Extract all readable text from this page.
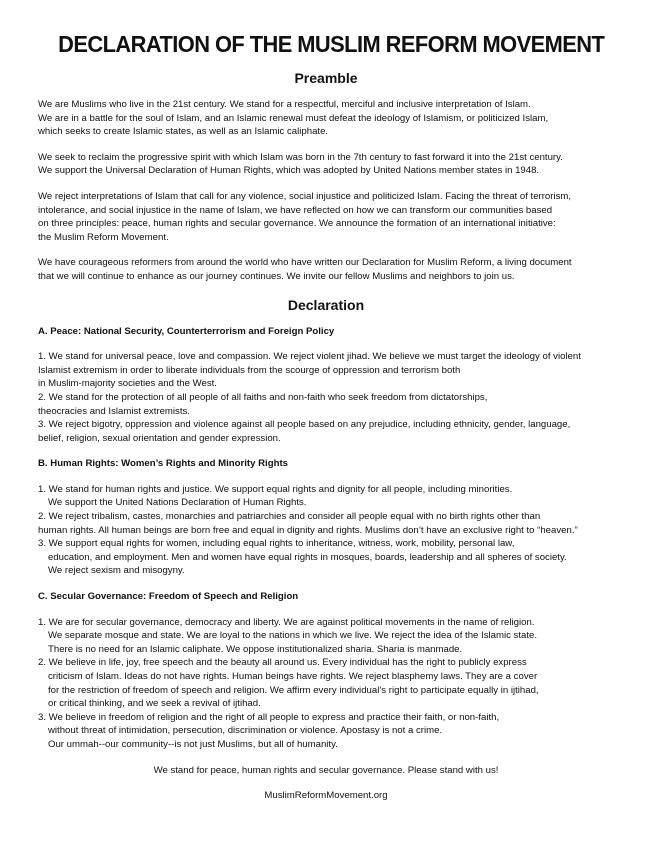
DECLARATION OF THE MUSLIM REFORM MOVEMENT
Preamble
We are Muslims who live in the 21st century. We stand for a respectful, merciful and inclusive interpretation of Islam.
We are in a battle for the soul of Islam, and an Islamic renewal must defeat the ideology of Islamism, or politicized Islam,
which seeks to create Islamic states, as well as an Islamic caliphate.
We seek to reclaim the progressive spirit with which Islam was born in the 7th century to fast forward it into the 21st century.
We support the Universal Declaration of Human Rights, which was adopted by United Nations member states in 1948.
We reject interpretations of Islam that call for any violence, social injustice and politicized Islam. Facing the threat of terrorism,
intolerance, and social injustice in the name of Islam, we have reflected on how we can transform our communities based
on three principles: peace, human rights and secular governance. We announce the formation of an international initiative:
the Muslim Reform Movement.
We have courageous reformers from around the world who have written our Declaration for Muslim Reform, a living document
that we will continue to enhance as our journey continues. We invite our fellow Muslims and neighbors to join us.
Declaration
A. Peace: National Security, Counterterrorism and Foreign Policy
1. We stand for universal peace, love and compassion. We reject violent jihad. We believe we must target the ideology of violent
Islamist extremism in order to liberate individuals from the scourge of oppression and terrorism both
in Muslim-majority societies and the West.
2. We stand for the protection of all people of all faiths and non-faith who seek freedom from dictatorships,
theocracies and Islamist extremists.
3. We reject bigotry, oppression and violence against all people based on any prejudice, including ethnicity, gender, language,
belief, religion, sexual orientation and gender expression.
B. Human Rights: Women’s Rights and Minority Rights
1. We stand for human rights and justice. We support equal rights and dignity for all people, including minorities.
We support the United Nations Declaration of Human Rights.
2. We reject tribalism, castes, monarchies and patriarchies and consider all people equal with no birth rights other than
human rights. All human beings are born free and equal in dignity and rights. Muslims don’t have an exclusive right to “heaven.”
3. We support equal rights for women, including equal rights to inheritance, witness, work, mobility, personal law,
education, and employment. Men and women have equal rights in mosques, boards, leadership and all spheres of society.
We reject sexism and misogyny.
C. Secular Governance: Freedom of Speech and Religion
1. We are for secular governance, democracy and liberty. We are against political movements in the name of religion.
We separate mosque and state. We are loyal to the nations in which we live. We reject the idea of the Islamic state.
There is no need for an Islamic caliphate. We oppose institutionalized sharia. Sharia is manmade.
2. We believe in life, joy, free speech and the beauty all around us. Every individual has the right to publicly express
criticism of Islam. Ideas do not have rights. Human beings have rights. We reject blasphemy laws. They are a cover
for the restriction of freedom of speech and religion. We affirm every individual’s right to participate equally in ijtihad,
or critical thinking, and we seek a revival of ijtihad.
3. We believe in freedom of religion and the right of all people to express and practice their faith, or non-faith,
without threat of intimidation, persecution, discrimination or violence. Apostasy is not a crime.
Our ummah--our community--is not just Muslims, but all of humanity.
We stand for peace, human rights and secular governance. Please stand with us!
MuslimReformMovement.org
